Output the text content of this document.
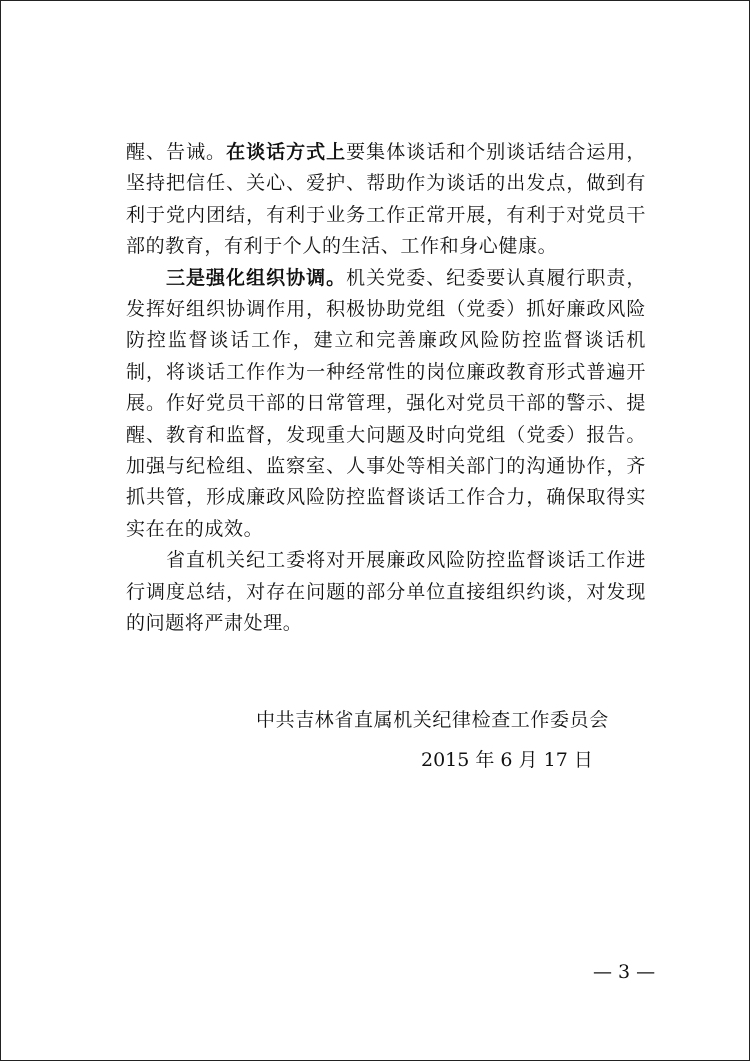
醒、告诫。在谈话方式上要集体谈话和个别谈话结合运用，坚持把信任、关心、爱护、帮助作为谈话的出发点，做到有利于党内团结，有利于业务工作正常开展，有利于对党员干部的教育，有利于个人的生活、工作和身心健康。

三是强化组织协调。机关党委、纪委要认真履行职责，发挥好组织协调作用，积极协助党组（党委）抓好廉政风险防控监督谈话工作，建立和完善廉政风险防控监督谈话机制，将谈话工作作为一种经常性的岗位廉政教育形式普遍开展。作好党员干部的日常管理，强化对党员干部的警示、提醒、教育和监督，发现重大问题及时向党组（党委）报告。加强与纪检组、监察室、人事处等相关部门的沟通协作，齐抓共管，形成廉政风险防控监督谈话工作合力，确保取得实实在在的成效。

省直机关纪工委将对开展廉政风险防控监督谈话工作进行调度总结，对存在问题的部分单位直接组织约谈，对发现的问题将严肃处理。

中共吉林省直属机关纪律检查工作委员会
2015 年 6 月 17 日
— 3 —
